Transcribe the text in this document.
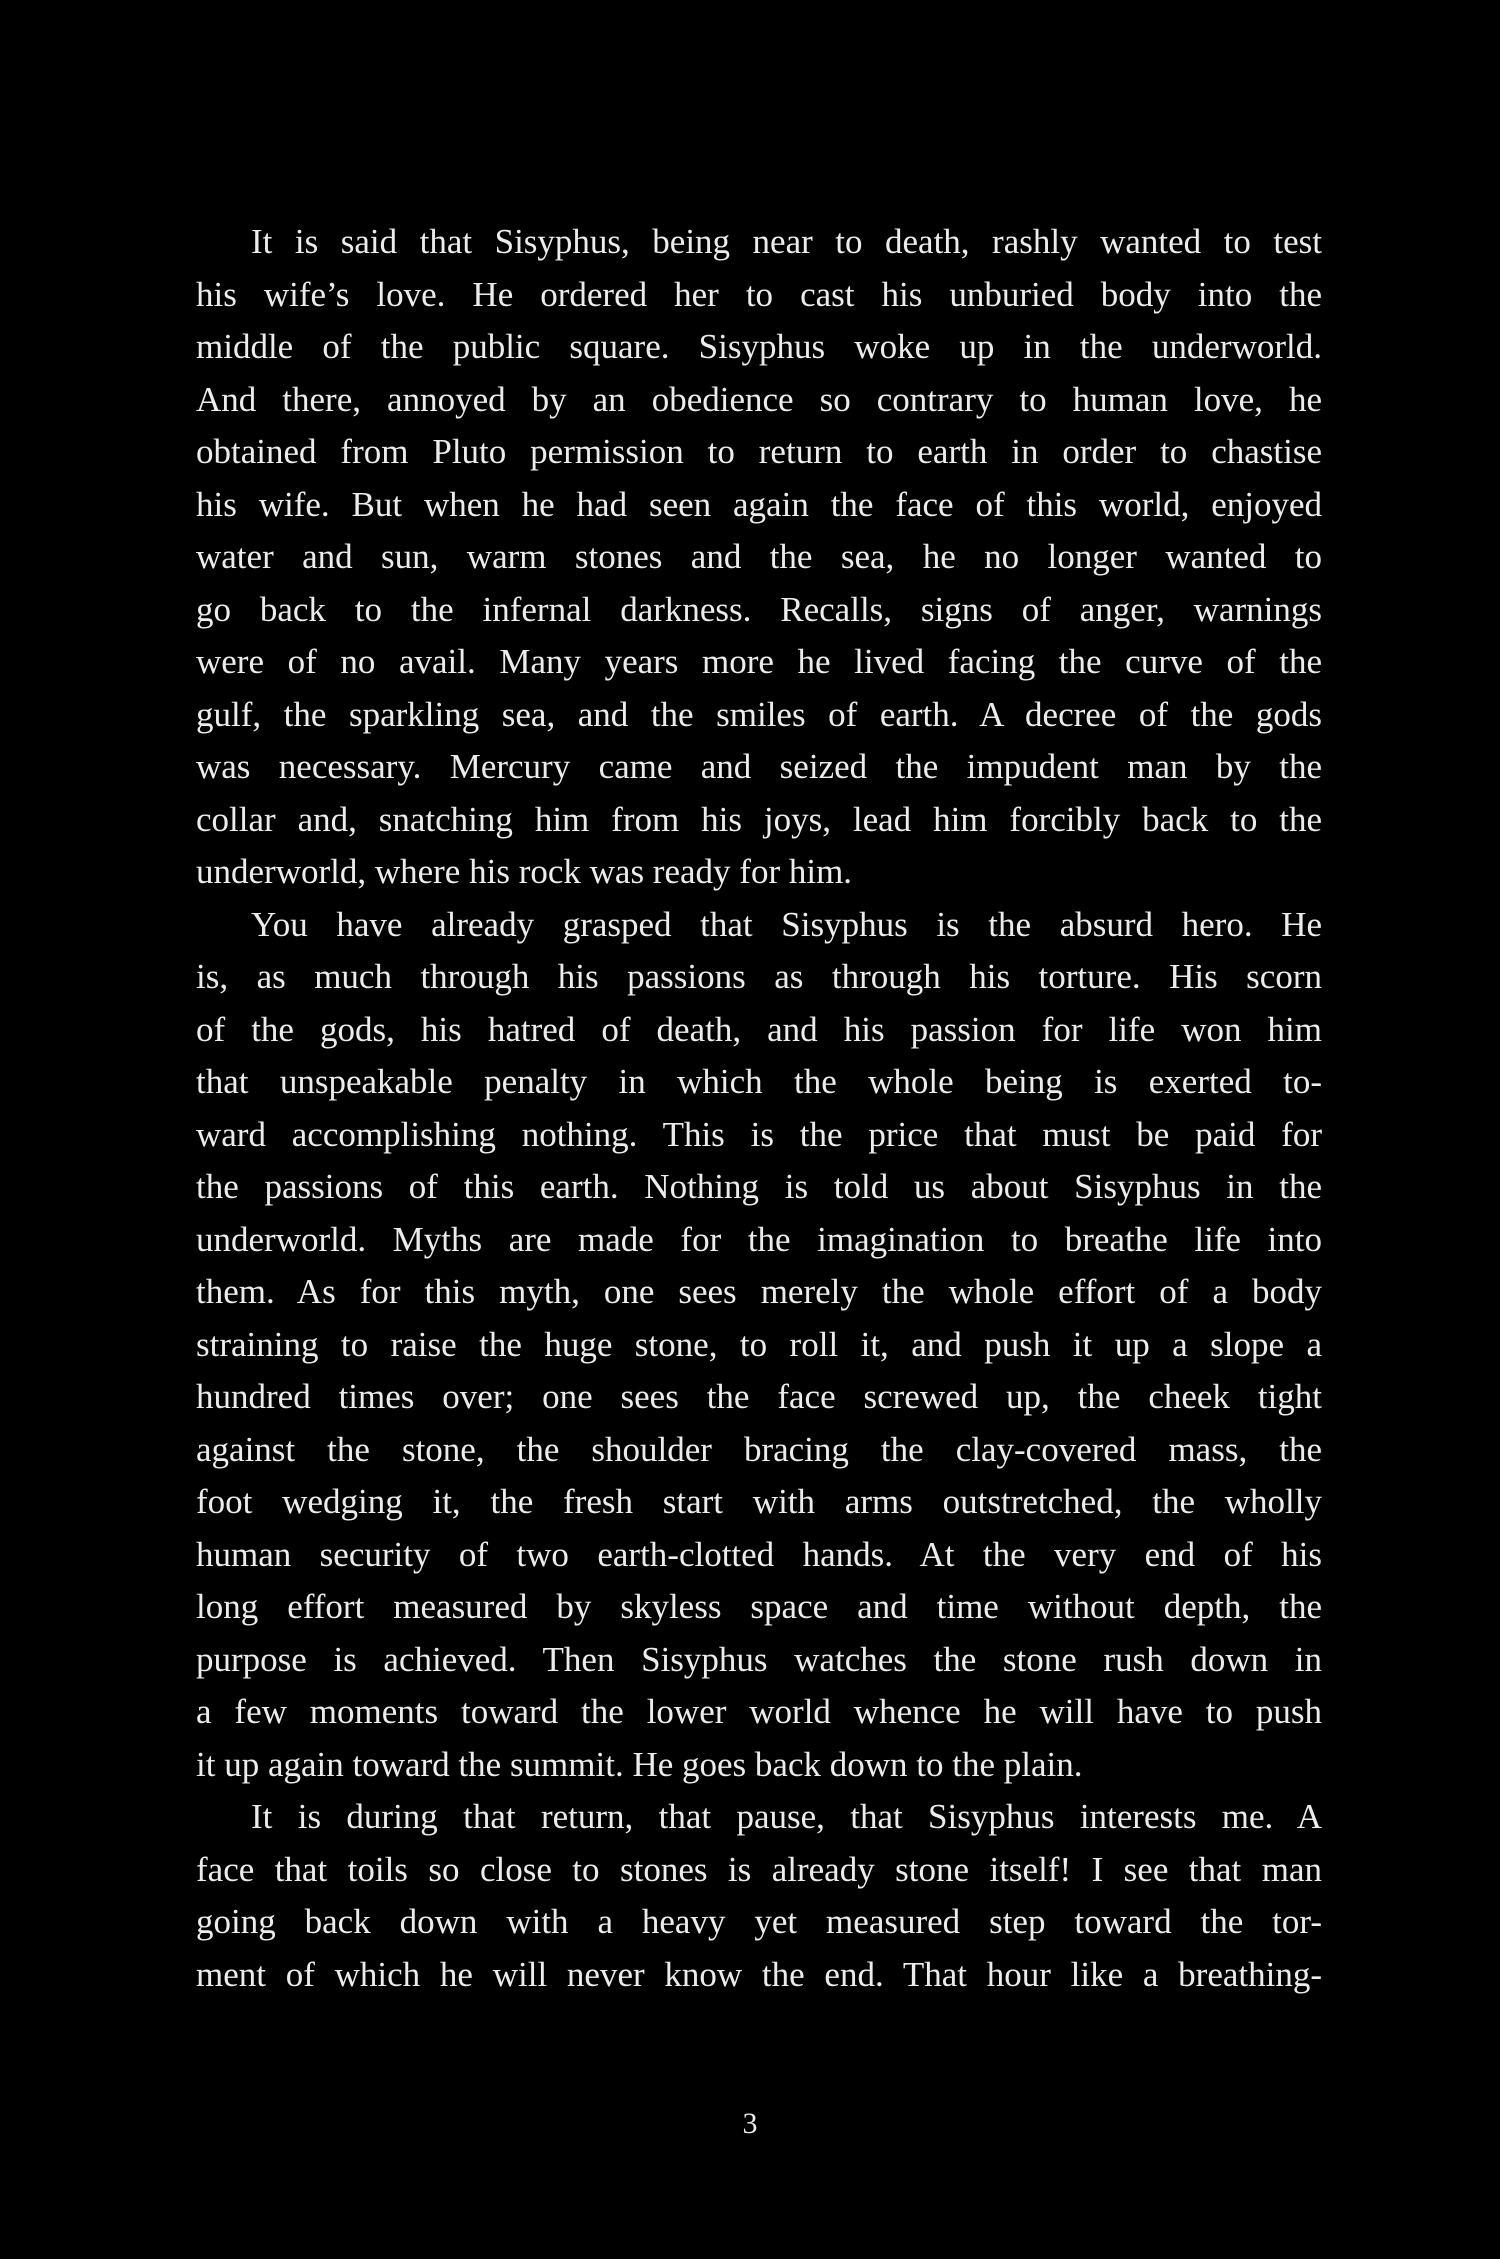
It is said that Sisyphus, being near to death, rashly wanted to test
his wife’s love. He ordered her to cast his unburied body into the
middle of the public square. Sisyphus woke up in the underworld.
And there, annoyed by an obedience so contrary to human love, he
obtained from Pluto permission to return to earth in order to chastise
his wife. But when he had seen again the face of this world, enjoyed
water and sun, warm stones and the sea, he no longer wanted to
go back to the infernal darkness. Recalls, signs of anger, warnings
were of no avail. Many years more he lived facing the curve of the
gulf, the sparkling sea, and the smiles of earth. A decree of the gods
was necessary. Mercury came and seized the impudent man by the
collar and, snatching him from his joys, lead him forcibly back to the
underworld, where his rock was ready for him.
You have already grasped that Sisyphus is the absurd hero. He
is, as much through his passions as through his torture. His scorn
of the gods, his hatred of death, and his passion for life won him
that unspeakable penalty in which the whole being is exerted to-
ward accomplishing nothing. This is the price that must be paid for
the passions of this earth. Nothing is told us about Sisyphus in the
underworld. Myths are made for the imagination to breathe life into
them. As for this myth, one sees merely the whole effort of a body
straining to raise the huge stone, to roll it, and push it up a slope a
hundred times over; one sees the face screwed up, the cheek tight
against the stone, the shoulder bracing the clay-covered mass, the
foot wedging it, the fresh start with arms outstretched, the wholly
human security of two earth-clotted hands. At the very end of his
long effort measured by skyless space and time without depth, the
purpose is achieved. Then Sisyphus watches the stone rush down in
a few moments toward the lower world whence he will have to push
it up again toward the summit. He goes back down to the plain.
It is during that return, that pause, that Sisyphus interests me. A
face that toils so close to stones is already stone itself! I see that man
going back down with a heavy yet measured step toward the tor-
ment of which he will never know the end. That hour like a breathing-
3
